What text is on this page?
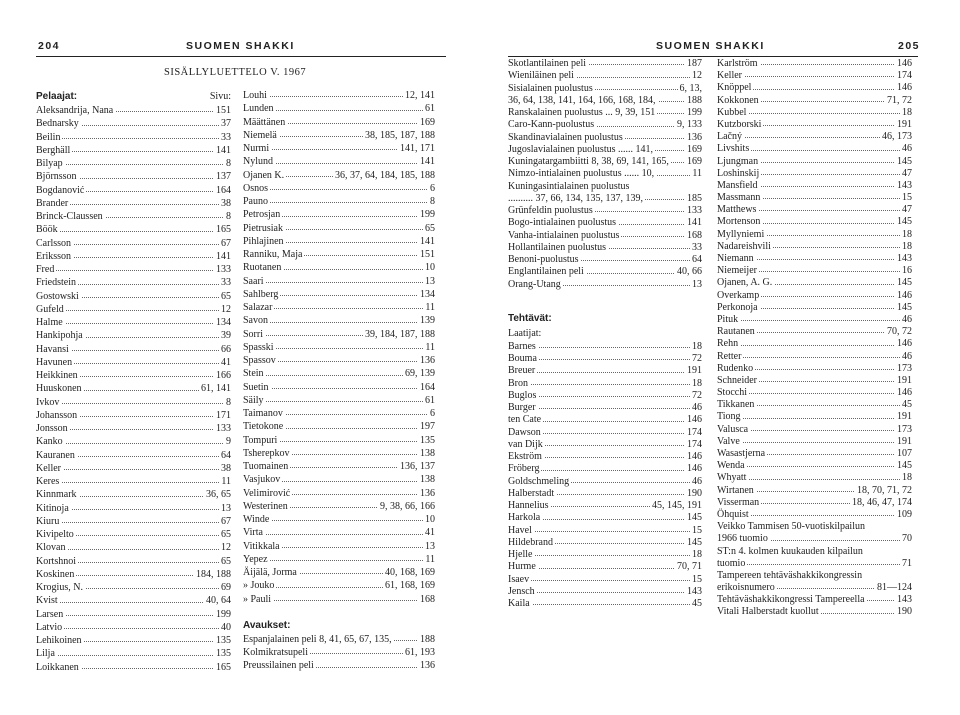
204	SUOMEN SHAKKI
SISÄLLYLUETTELO V. 1967
Pelaajat:	Sivu:
Aleksandrija, Nana	151
Bednarsky	37
Beilin	33
Berghäll	141
Bilyap	8
Björnsson	137
Bogdanović	164
Brander	38
Brinck-Claussen	8
Böök	165
Carlsson	67
Eriksson	141
Fred	133
Friedstein	33
Gostowski	65
Gufeld	12
Halme	134
Hankipohja	39
Havansi	66
Havunen	41
Heikkinen	166
Huuskonen	61, 141
Ivkov	8
Johansson	171
Jonsson	133
Kanko	9
Kauranen	64
Keller	38
Keres	11
Kinnmark	36, 65
Kitinoja	13
Kiuru	67
Kivipelto	65
Klovan	12
Kortshnoi	65
Koskinen	184, 188
Krogius, N.	69
Kvist	40, 64
Larsen	199
Latvio	40
Lehikoinen	135
Lilja	135
Loikkanen	165
Louhi	12, 141
Lunden	61
Määttänen	169
Niemelä	38, 185, 187, 188
Nurmi	141, 171
Nylund	141
Ojanen K.	36, 37, 64, 184, 185, 188
Osnos	6
Pauno	8
Petrosjan	199
Pietrusiak	65
Pihlajinen	141
Ranniku, Maja	151
Ruotanen	10
Saari	13
Sahlberg	134
Salazar	11
Savon	139
Sorri	39, 184, 187, 188
Spasski	11
Spassov	136
Stein	69, 139
Suetin	164
Säily	61
Taimanov	6
Tietokone	197
Tompuri	135
Tsherepkov	138
Tuomainen	136, 137
Vasjukov	138
Velimirović	136
Westerinen	9, 38, 66, 166
Winde	10
Virta	41
Vitikkala	13
Yepez	11
Äijälä, Jorma	40, 168, 169
» Jouko	61, 168, 169
» Pauli	168
Avaukset:
Espanjalainen peli 8, 41, 65, 67, 135,	188
Kolmikratsupeli	61, 193
Preussilainen peli	136
SUOMEN SHAKKI	205
Skotlantilainen peli	187
Wieniläinen peli	12
Sisialainen puolustus	6, 13,
36, 64, 138, 141, 164, 166, 168, 184,	188
Ranskalainen puolustus ... 9, 39, 151	199
Caro-Kann-puolustus	9, 133
Skandinavialainen puolustus	136
Jugoslavialainen puolustus ...... 141,	169
Kuningatargambiitti 8, 38, 69, 141, 165, 169
Nimzo-intialainen puolustus ...... 10,	11
Kuningasintialainen puolustus
.......... 37, 66, 134, 135, 137, 139,	185
Grünfeldin puolustus	133
Bogo-intialainen puolustus	141
Vanha-intialainen puolustus	168
Hollantilainen puolustus	33
Benoni-puolustus	64
Englantilainen peli	40, 66
Orang-Utang	13
Tehtävät:
Laatijat:
Barnes	18
Bouma	72
Breuer	191
Bron	18
Buglos	72
Burger	46
ten Cate	146
Dawson	174
van Dijk	174
Ekström	146
Fröberg	146
Goldschmeling	46
Halberstadt	190
Hannelius	45, 145, 191
Harkola	145
Havel	15
Hildebrand	145
Hjelle	18
Hurme	70, 71
Isaev	15
Jensch	143
Kaila	45
Karlström	146
Keller	174
Knöppel	146
Kokkonen	71, 72
Kubbel	18
Kutzborski	191
Lačný	46, 173
Livshits	46
Ljungman	145
Loshinskij	47
Mansfield	143
Massmann	15
Matthews	47
Mortenson	145
Myllyniemi	18
Nadareishvili	18
Niemann	143
Niemeijer	16
Ojanen, A. G.	145
Overkamp	146
Perkonoja	145
Pituk	46
Rautanen	70, 72
Rehn	146
Retter	46
Rudenko	173
Schneider	191
Stocchi	146
Tikkanen	45
Tiong	191
Valusca	173
Valve	191
Wasastjerna	107
Wenda	145
Whyatt	18
Wirtanen	18, 70, 71, 72
Visserman	18, 46, 47, 174
Öhquist	109
Veikko Tammisen 50-vuotiskilpailun
1966 tuomio	70
ST:n 4. kolmen kuukauden kilpailun
tuomio	71
Tampereen tehtäväshakkikongressin
erikoisnumero	81—124
Tehtäväshakkikongressi Tampereella	143
Vitali Halberstadt kuollut	190
